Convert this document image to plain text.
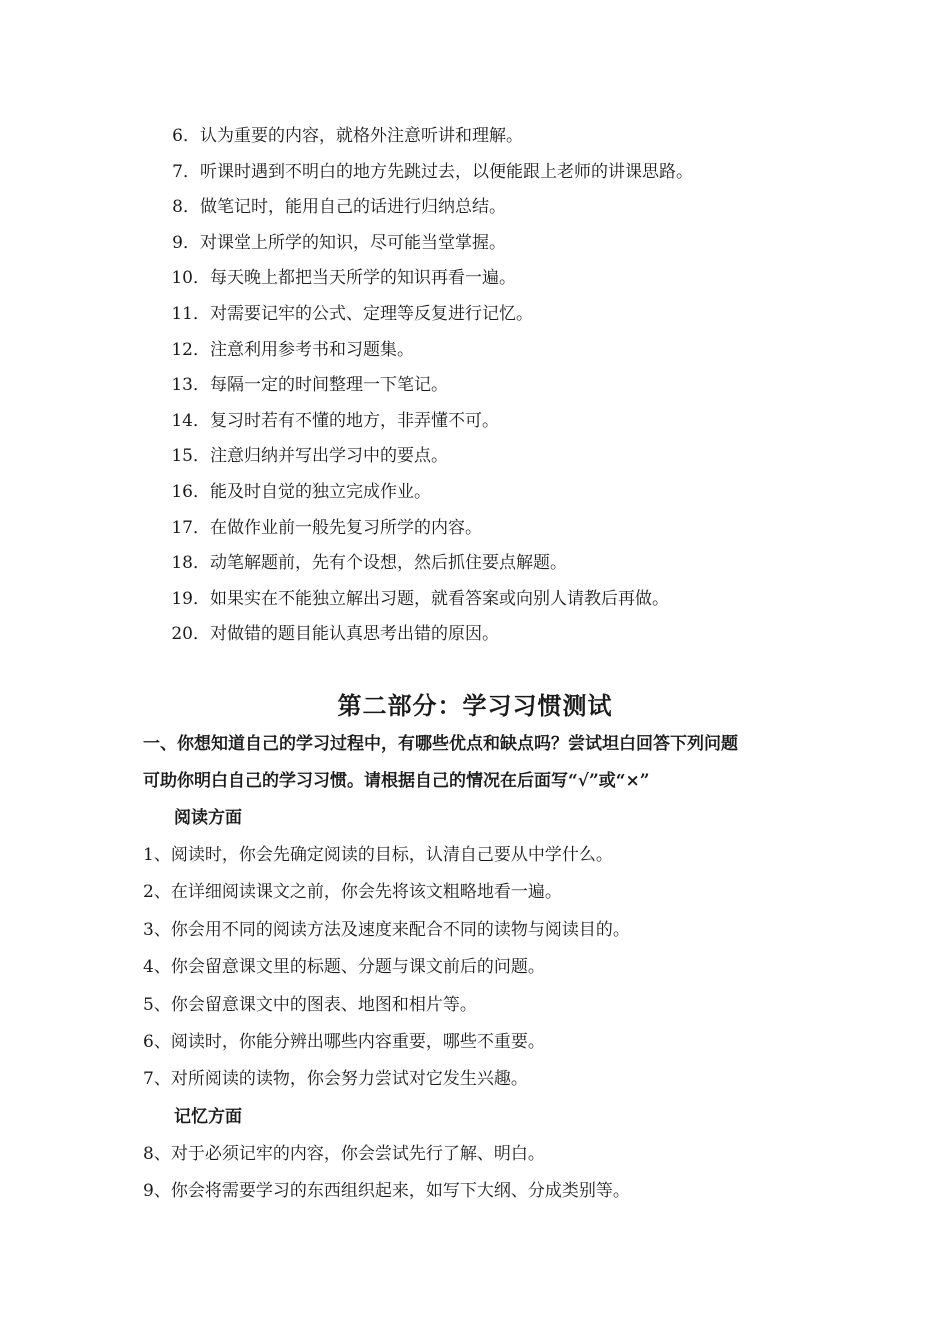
6．认为重要的内容，就格外注意听讲和理解。
7．听课时遇到不明白的地方先跳过去，以便能跟上老师的讲课思路。
8．做笔记时，能用自己的话进行归纳总结。
9．对课堂上所学的知识，尽可能当堂掌握。
10．每天晚上都把当天所学的知识再看一遍。
11．对需要记牢的公式、定理等反复进行记忆。
12．注意利用参考书和习题集。
13．每隔一定的时间整理一下笔记。
14．复习时若有不懂的地方，非弄懂不可。
15．注意归纳并写出学习中的要点。
16．能及时自觉的独立完成作业。
17．在做作业前一般先复习所学的内容。
18．动笔解题前，先有个设想，然后抓住要点解题。
19．如果实在不能独立解出习题，就看答案或向别人请教后再做。
20．对做错的题目能认真思考出错的原因。
第二部分：学习习惯测试
一、你想知道自己的学习过程中，有哪些优点和缺点吗？尝试坦白回答下列问题
可助你明白自己的学习习惯。请根据自己的情况在后面写“√”或“×”
阅读方面
1、阅读时，你会先确定阅读的目标，认清自己要从中学什么。
2、在详细阅读课文之前，你会先将该文粗略地看一遍。
3、你会用不同的阅读方法及速度来配合不同的读物与阅读目的。
4、你会留意课文里的标题、分题与课文前后的问题。
5、你会留意课文中的图表、地图和相片等。
6、阅读时，你能分辨出哪些内容重要，哪些不重要。
7、对所阅读的读物，你会努力尝试对它发生兴趣。
记忆方面
8、对于必须记牢的内容，你会尝试先行了解、明白。
9、你会将需要学习的东西组织起来，如写下大纲、分成类别等。
